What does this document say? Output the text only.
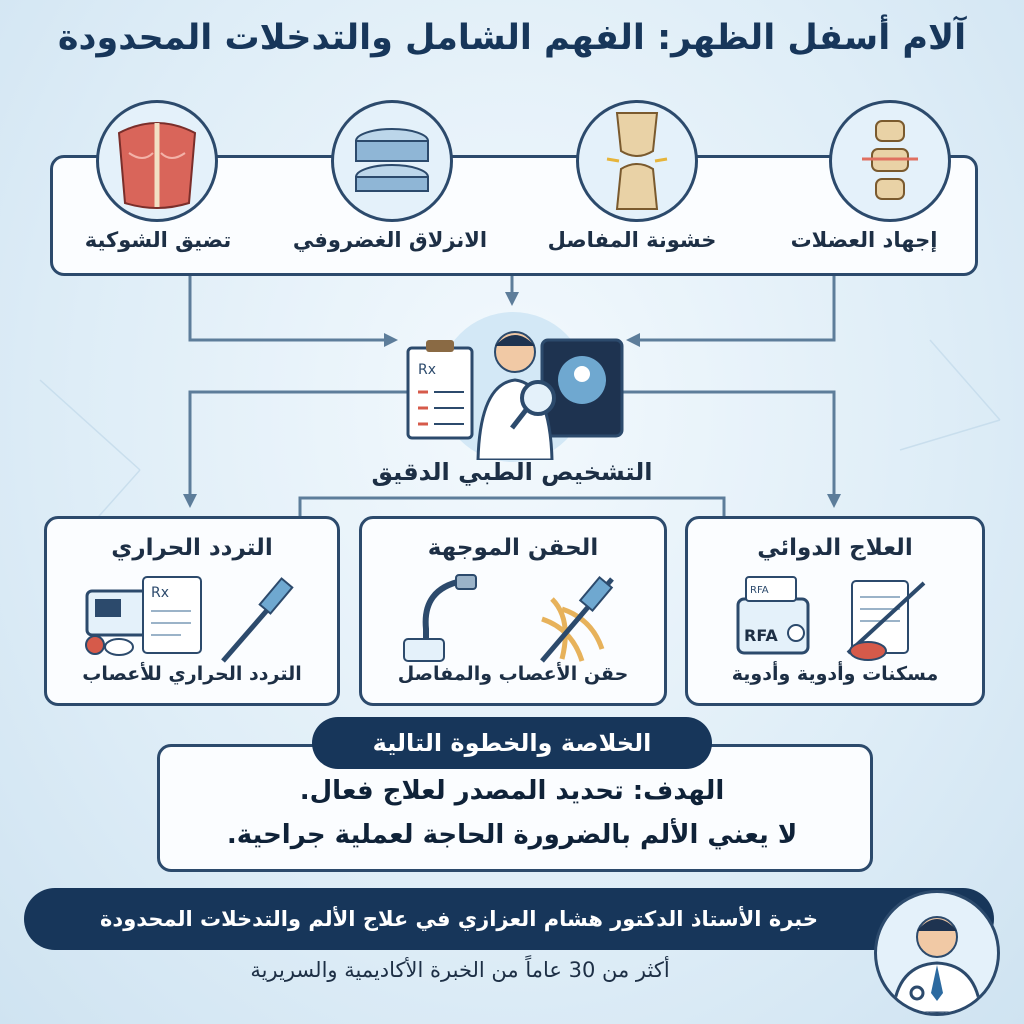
آلام أسفل الظهر: الفهم الشامل والتدخلات المحدودة
إجهاد العضلات
خشونة المفاصل
الانزلاق الغضروفي
تضيق الشوكية
Rx
التشخيص الطبي الدقيق
العلاج الدوائي
RFA
RFA
مسكنات وأدوية وأدوية
الحقن الموجهة
حقن الأعصاب والمفاصل
التردد الحراري
Rx
التردد الحراري للأعصاب
الخلاصة والخطوة التالية
الهدف: تحديد المصدر لعلاج فعال.
لا يعني الألم بالضرورة الحاجة لعملية جراحية.
خبرة الأستاذ الدكتور هشام العزازي في علاج الألم والتدخلات المحدودة
أكثر من 30 عاماً من الخبرة الأكاديمية والسريرية
